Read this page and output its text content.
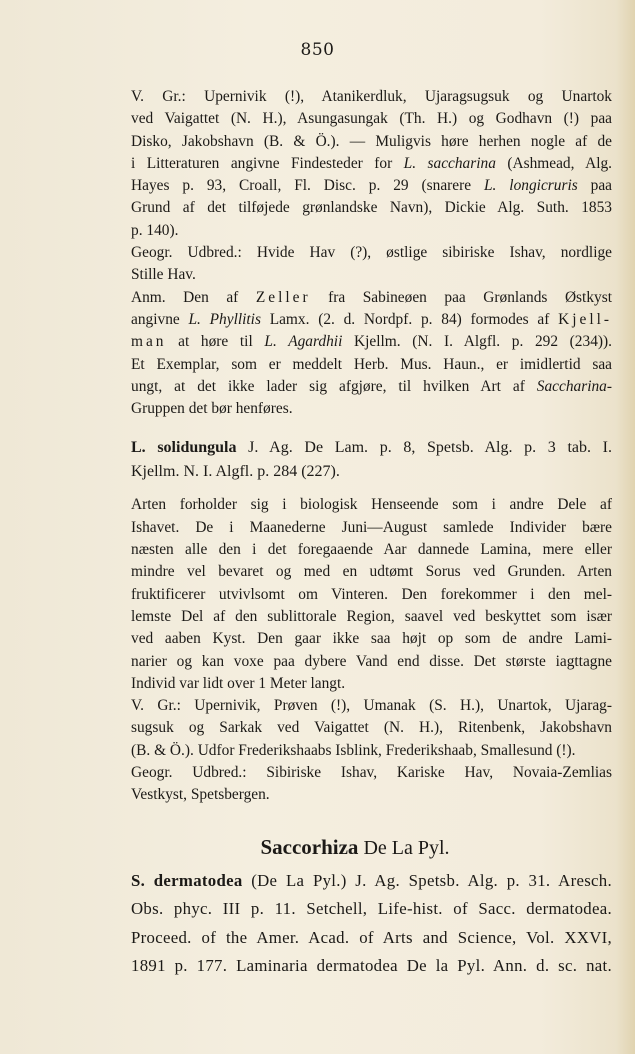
850
V. Gr.: Upernivik (!), Atanikerdluk, Ujaragsugsuk og Unartok
ved Vaigattet (N. H.), Asungasungak (Th. H.) og Godhavn (!) paa
Disko, Jakobshavn (B. & Ö.). — Muligvis høre herhen nogle af de
i Litteraturen angivne Findesteder for L. saccharina (Ashmead, Alg.
Hayes p. 93, Croall, Fl. Disc. p. 29 (snarere L. longicruris paa
Grund af det tilføjede grønlandske Navn), Dickie Alg. Suth. 1853
p. 140).
Geogr. Udbred.: Hvide Hav (?), østlige sibiriske Ishav, nordlige
Stille Hav.
Anm. Den af Zeller fra Sabineøen paa Grønlands Østkyst
angivne L. Phyllitis Lamx. (2. d. Nordpf. p. 84) formodes af Kjell-
man at høre til L. Agardhii Kjellm. (N. I. Algfl. p. 292 (234)).
Et Exemplar, som er meddelt Herb. Mus. Haun., er imidlertid saa
ungt, at det ikke lader sig afgjøre, til hvilken Art af Saccharina-
Gruppen det bør henføres.
L. solidungula J. Ag. De Lam. p. 8, Spetsb. Alg. p. 3 tab. I.
Kjellm. N. I. Algfl. p. 284 (227).
Arten forholder sig i biologisk Henseende som i andre Dele af
Ishavet. De i Maanederne Juni—August samlede Individer bære
næsten alle den i det foregaaende Aar dannede Lamina, mere eller
mindre vel bevaret og med en udtømt Sorus ved Grunden. Arten
fruktificerer utvivlsomt om Vinteren. Den forekommer i den mel-
lemste Del af den sublittorale Region, saavel ved beskyttet som især
ved aaben Kyst. Den gaar ikke saa højt op som de andre Lami-
narier og kan voxe paa dybere Vand end disse. Det største iagttagne
Individ var lidt over 1 Meter langt.
V. Gr.: Upernivik, Prøven (!), Umanak (S. H.), Unartok, Ujarag-
sugsuk og Sarkak ved Vaigattet (N. H.), Ritenbenk, Jakobshavn
(B. & Ö.). Udfor Frederikshaabs Isblink, Frederikshaab, Smallesund (!).
Geogr. Udbred.: Sibiriske Ishav, Kariske Hav, Novaia-Zemlias
Vestkyst, Spetsbergen.
Saccorhiza De La Pyl.
S. dermatodea (De La Pyl.) J. Ag. Spetsb. Alg. p. 31. Aresch.
Obs. phyc. III p. 11. Setchell, Life-hist. of Sacc. dermatodea.
Proceed. of the Amer. Acad. of Arts and Science, Vol. XXVI,
1891 p. 177. Laminaria dermatodea De la Pyl. Ann. d. sc. nat.
